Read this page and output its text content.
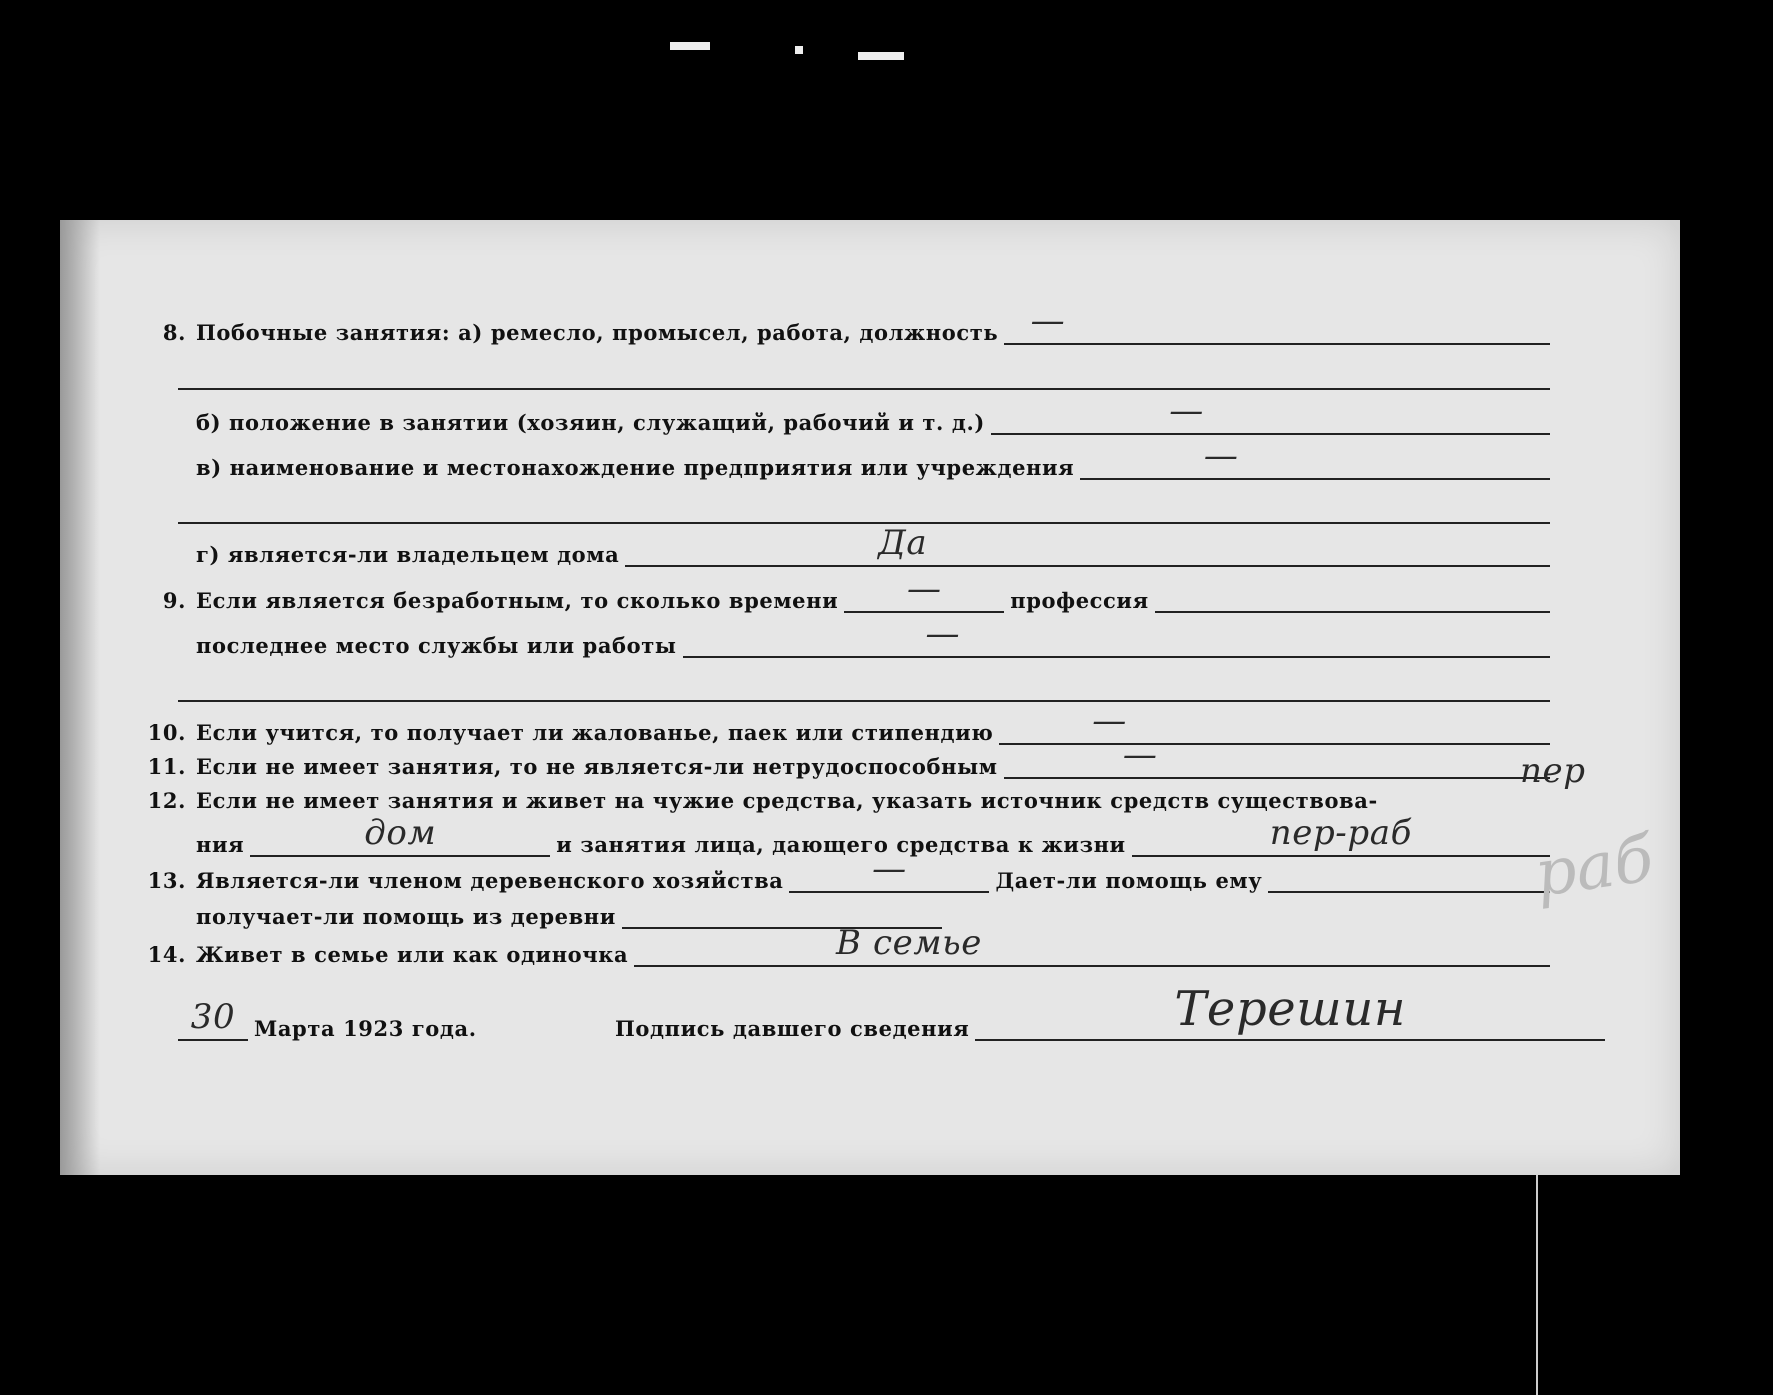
8. Побочные занятия: а) ремесло, промысел, работа, должность —
б) положение в занятии (хозяин, служащий, рабочий и т. д.)	—
в) наименование и местонахождение предприятия или учреждения	—
г) является-ли владельцем дома	Да
9. Если является безработным, то сколько времени —	профессия
последнее место службы или работы	—
10. Если учится, то получает ли жалованье, паек или стипендию	—
11. Если не имеет занятия, то не является-ли нетрудоспособным	—
12. Если не имеет занятия и живет на чужие средства, указать источник средств существова-
пер
ния	дом	и занятия лица, дающего средства к жизни	пер-раб
13. Является-ли членом деревенского хозяйства	—	Дает-ли помощь ему
получает-ли помощь из деревни
14. Живет в семье или как одиночка	В семье
30 Марта 1923 года.	Подпись давшего сведения	Терешин
раб
